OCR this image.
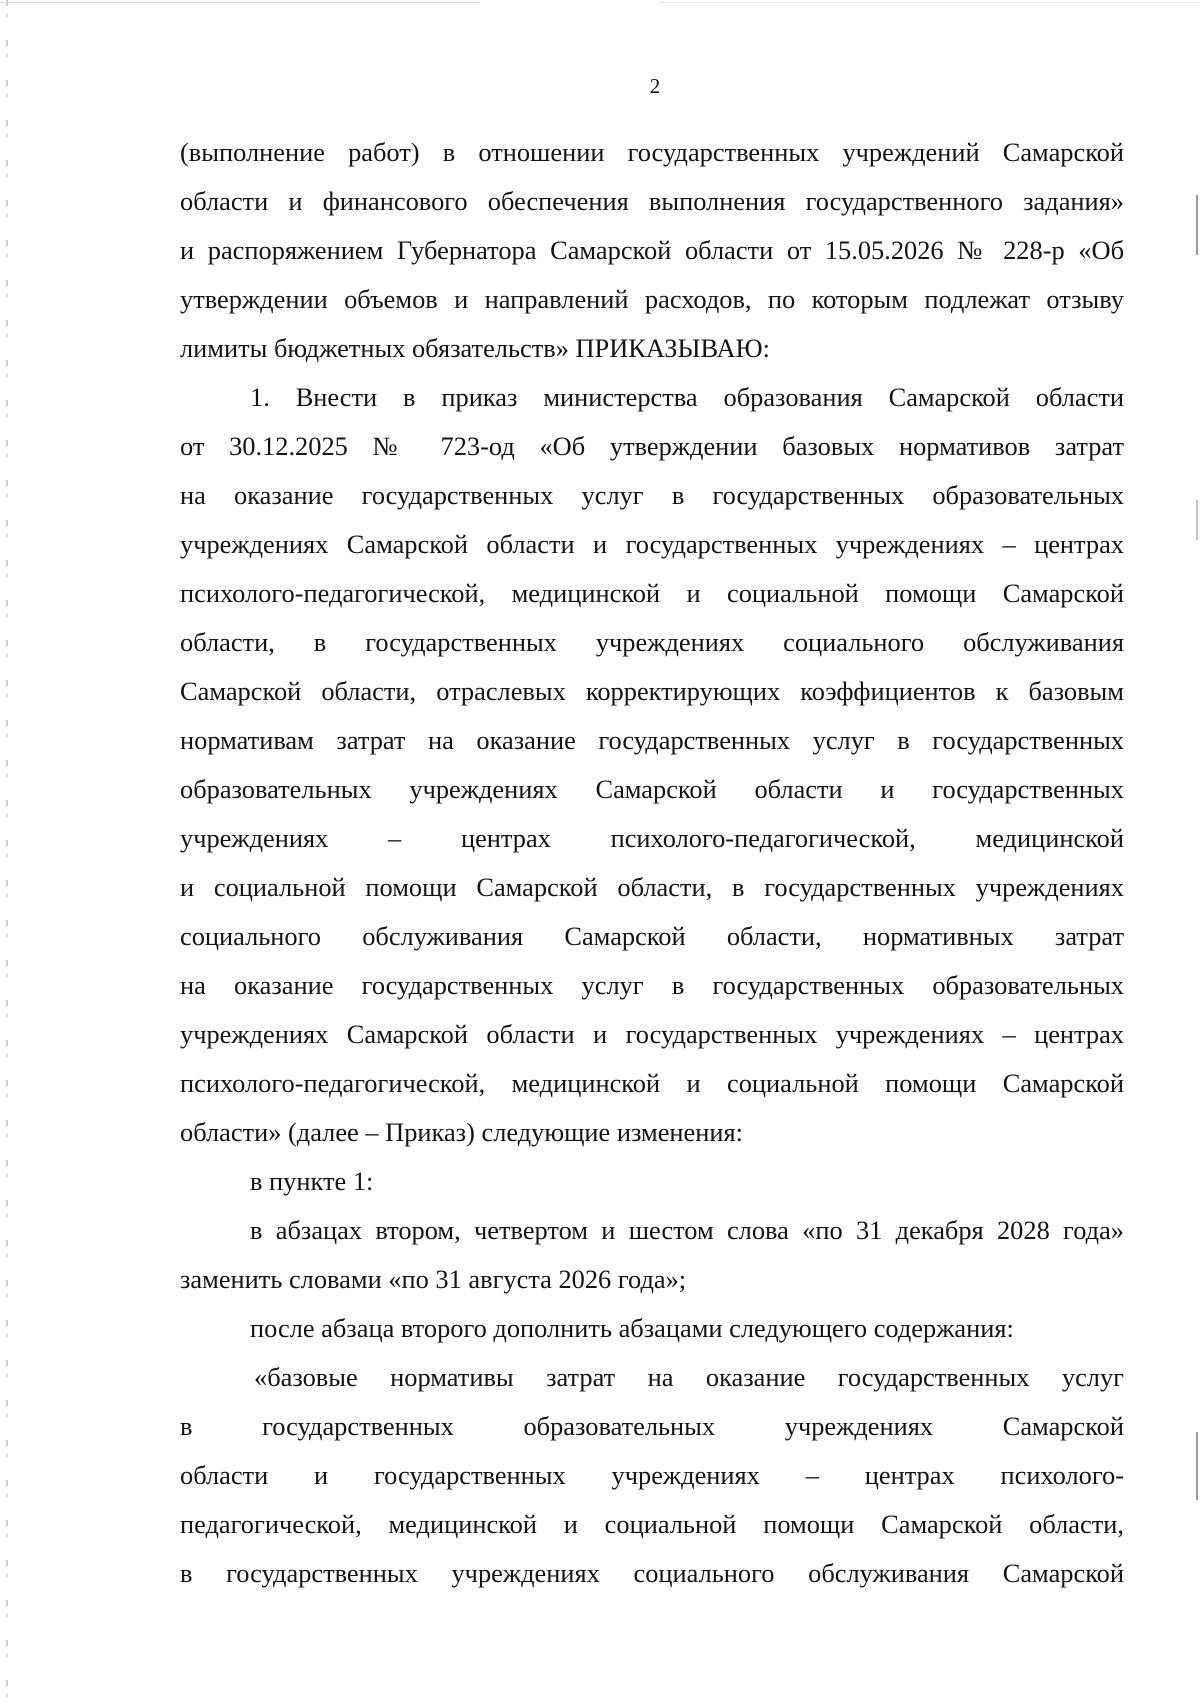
2
(выполнение работ) в отношении государственных учреждений Самарской
области и финансового обеспечения выполнения государственного задания»
и распоряжением Губернатора Самарской области от 15.05.2026 № 228-р «Об
утверждении объемов и направлений расходов, по которым подлежат отзыву
лимиты бюджетных обязательств» ПРИКАЗЫВАЮ:
1. Внести в приказ министерства образования Самарской области
от 30.12.2025 № 723-од «Об утверждении базовых нормативов затрат
на оказание государственных услуг в государственных образовательных
учреждениях Самарской области и государственных учреждениях – центрах
психолого-педагогической, медицинской и социальной помощи Самарской
области, в государственных учреждениях социального обслуживания
Самарской области, отраслевых корректирующих коэффициентов к базовым
нормативам затрат на оказание государственных услуг в государственных
образовательных учреждениях Самарской области и государственных
учреждениях – центрах психолого-педагогической, медицинской
и социальной помощи Самарской области, в государственных учреждениях
социального обслуживания Самарской области, нормативных затрат
на оказание государственных услуг в государственных образовательных
учреждениях Самарской области и государственных учреждениях – центрах
психолого-педагогической, медицинской и социальной помощи Самарской
области» (далее – Приказ) следующие изменения:
в пункте 1:
в абзацах втором, четвертом и шестом слова «по 31 декабря 2028 года»
заменить словами «по 31 августа 2026 года»;
после абзаца второго дополнить абзацами следующего содержания:
«базовые нормативы затрат на оказание государственных услуг
в государственных образовательных учреждениях Самарской
области и государственных учреждениях – центрах психолого-
педагогической, медицинской и социальной помощи Самарской области,
в государственных учреждениях социального обслуживания Самарской
